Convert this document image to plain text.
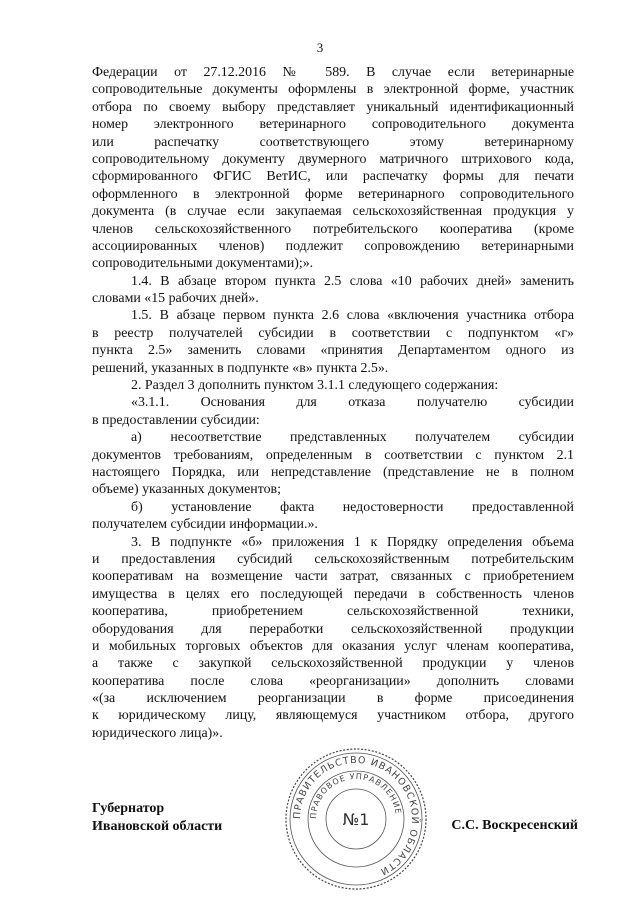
3
Федерации от 27.12.2016 № 589. В случае если ветеринарные
сопроводительные документы оформлены в электронной форме, участник
отбора по своему выбору представляет уникальный идентификационный
номер электронного ветеринарного сопроводительного документа
или распечатку соответствующего этому ветеринарному
сопроводительному документу двумерного матричного штрихового кода,
сформированного ФГИС ВетИС, или распечатку формы для печати
оформленного в электронной форме ветеринарного сопроводительного
документа (в случае если закупаемая сельскохозяйственная продукция у
членов сельскохозяйственного потребительского кооператива (кроме
ассоциированных членов) подлежит сопровождению ветеринарными
сопроводительными документами);».
1.4. В абзаце втором пункта 2.5 слова «10 рабочих дней» заменить
словами «15 рабочих дней».
1.5. В абзаце первом пункта 2.6 слова «включения участника отбора
в реестр получателей субсидии в соответствии с подпунктом «г»
пункта 2.5» заменить словами «принятия Департаментом одного из
решений, указанных в подпункте «в» пункта 2.5».
2. Раздел 3 дополнить пунктом 3.1.1 следующего содержания:
«3.1.1. Основания для отказа получателю субсидии
в предоставлении субсидии:
а) несоответствие представленных получателем субсидии
документов требованиям, определенным в соответствии с пунктом 2.1
настоящего Порядка, или непредставление (представление не в полном
объеме) указанных документов;
б) установление факта недостоверности предоставленной
получателем субсидии информации.».
3. В подпункте «б» приложения 1 к Порядку определения объема
и предоставления субсидий сельскохозяйственным потребительским
кооперативам на возмещение части затрат, связанных с приобретением
имущества в целях его последующей передачи в собственность членов
кооператива, приобретением сельскохозяйственной техники,
оборудования для переработки сельскохозяйственной продукции
и мобильных торговых объектов для оказания услуг членам кооператива,
а также с закупкой сельскохозяйственной продукции у членов
кооператива после слова «реорганизации» дополнить словами
«(за исключением реорганизации в форме присоединения
к юридическому лицу, являющемуся участником отбора, другого
юридического лица)».
Губернатор
Ивановской области	С.С. Воскресенский
ПРАВИТЕЛЬСТВО ИВАНОВСКОЙ ОБЛАСТИ
ПРАВОВОЕ УПРАВЛЕНИЕ
№1
